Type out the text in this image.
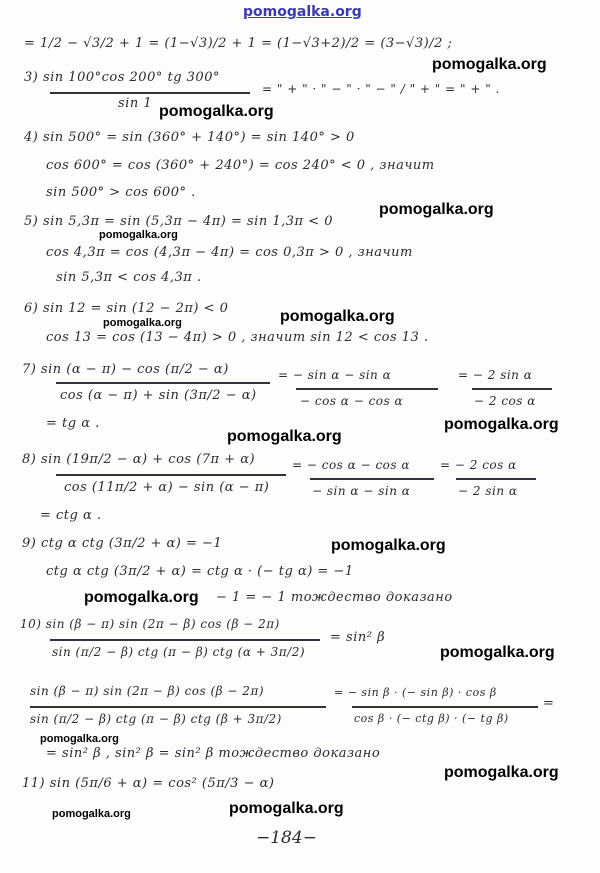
pomogalka.org
= 1/2 − √3/2 + 1 = (1−√3)/2 + 1 = (1−√3+2)/2 = (3−√3)/2 ;
3) sin 100°cos 200° tg 300°
sin 1
= " + " · " − " · " − " / " + " = " + " .
pomogalka.org
pomogalka.org
4) sin 500° = sin (360° + 140°) = sin 140° > 0
cos 600° = cos (360° + 240°) = cos 240° < 0 , значит
sin 500° > cos 600° .
pomogalka.org
5) sin 5,3π = sin (5,3π − 4π) = sin 1,3π < 0
pomogalka.org
cos 4,3π = cos (4,3π − 4π) = cos 0,3π > 0 , значит
sin 5,3π < cos 4,3π .
6) sin 12 = sin (12 − 2π) < 0	pomogalka.org
pomogalka.org
cos 13 = cos (13 − 4π) > 0 , значит sin 12 < cos 13 .
7) sin (α − π) − cos (π/2 − α)
cos (α − π) + sin (3π/2 − α)
= − sin α − sin α
− cos α − cos α
= − 2 sin α
− 2 cos α
= tg α .	pomogalka.org
pomogalka.org
8) sin (19π/2 − α) + cos (7π + α)
cos (11π/2 + α) − sin (α − π)
= − cos α − cos α
− sin α − sin α
= − 2 cos α
− 2 sin α
= ctg α .
9) ctg α ctg (3π/2 + α) = −1	pomogalka.org
ctg α ctg (3π/2 + α) = ctg α · (− tg α) = −1
pomogalka.org − 1 = − 1 тождество доказано
10) sin (β − π) sin (2π − β) cos (β − 2π)
sin (π/2 − β) ctg (π − β) ctg (α + 3π/2)
= sin² β
pomogalka.org
sin (β − π) sin (2π − β) cos (β − 2π)
sin (π/2 − β) ctg (π − β) ctg (β + 3π/2)
= − sin β · (− sin β) · cos β
cos β · (− ctg β) · (− tg β)
=
pomogalka.org
= sin² β , sin² β = sin² β тождество доказано
pomogalka.org
11) sin (5π/6 + α) = cos² (5π/3 − α)
pomogalka.org
pomogalka.org
−184−
